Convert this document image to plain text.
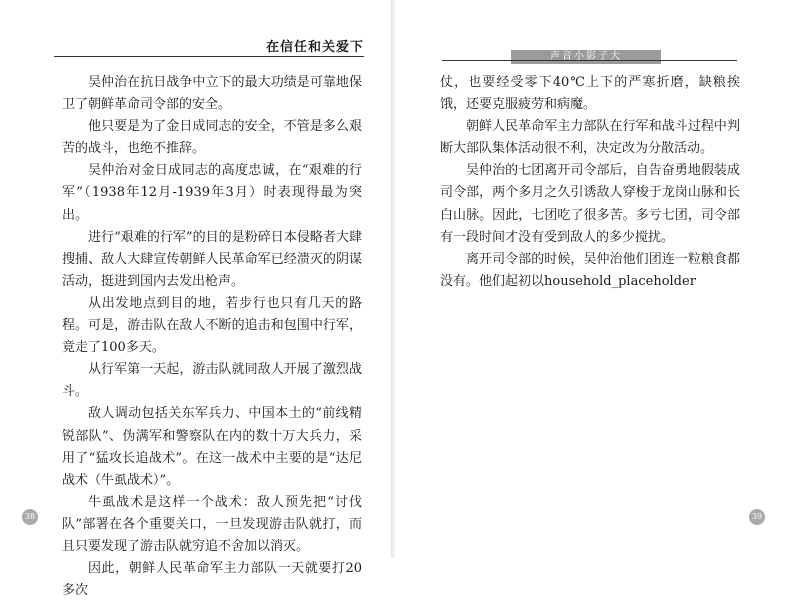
在信任和关爱下

吴仲治在抗日战争中立下的最大功绩是可靠地保卫了朝鲜革命司令部的安全。

他只要是为了金日成同志的安全，不管是多么艰苦的战斗，也绝不推辞。

吴仲治对金日成同志的高度忠诚，在“艰难的行军”（1938年12月-1939年3月）时表现得最为突出。

进行“艰难的行军”的目的是粉碎日本侵略者大肆搜捕、敌人大肆宣传朝鲜人民革命军已经溃灭的阴谋活动，挺进到国内去发出枪声。

从出发地点到目的地，若步行也只有几天的路程。可是，游击队在敌人不断的追击和包围中行军，竟走了100多天。

从行军第一天起，游击队就同敌人开展了激烈战斗。

敌人调动包括关东军兵力、中国本土的“前线精锐部队”、伪满军和警察队在内的数十万大兵力，采用了“猛攻长追战术”。在这一战术中主要的是“达尼战术（牛虱战术）”。

牛虱战术是这样一个战术：敌人预先把“讨伐队”部署在各个重要关口，一旦发现游击队就打，而且只要发现了游击队就穷追不舍加以消灭。

因此，朝鲜人民革命军主力部队一天就要打20多次

38
声音小影子大

仗，也要经受零下40℃上下的严寒折磨，缺粮挨饿，还要克服疲劳和病魔。

朝鲜人民革命军主力部队在行军和战斗过程中判断大部队集体活动很不利，决定改为分散活动。

吴仲治的七团离开司令部后，自告奋勇地假装成司令部，两个多月之久引诱敌人穿梭于龙岗山脉和长白山脉。因此，七团吃了很多苦。多亏七团，司令部有一段时间才没有受到敌人的多少搅扰。

离开司令部的时候，吴仲治他们团连一粒粮食都没有。他们起初以household_placeholder

39
